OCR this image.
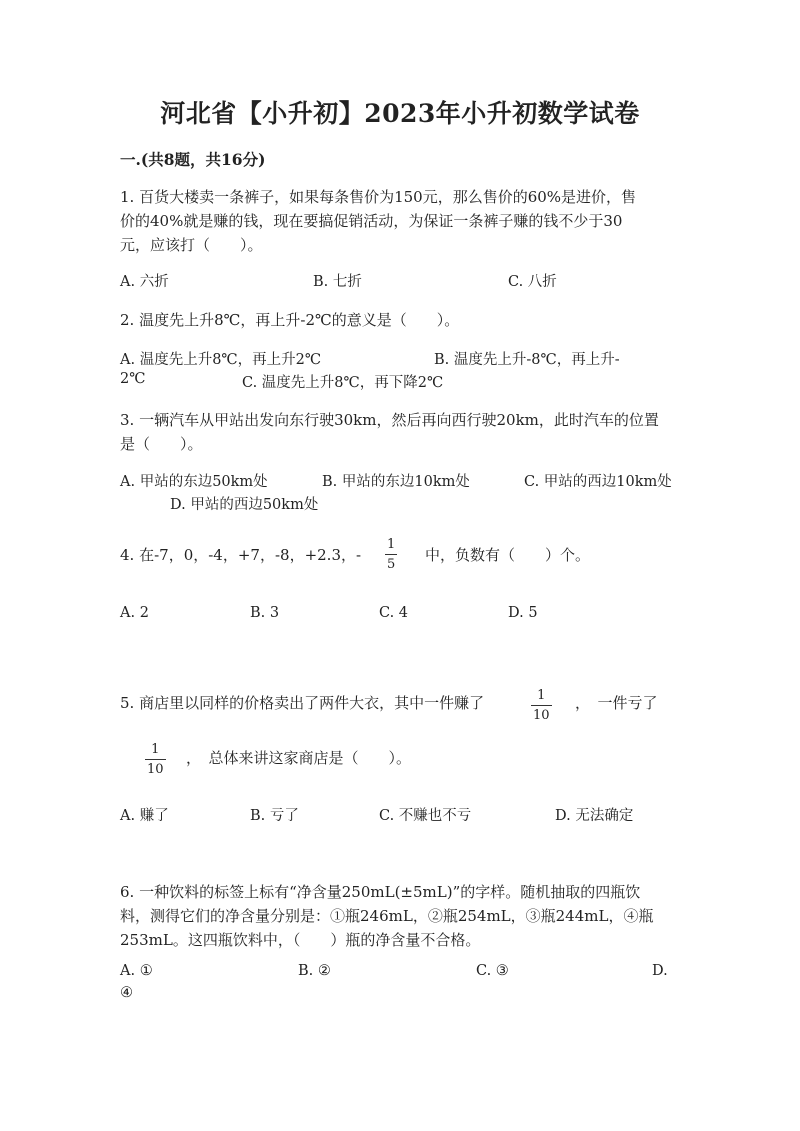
河北省【小升初】2023年小升初数学试卷
一.(共8题，共16分)
1. 百货大楼卖一条裤子，如果每条售价为150元，那么售价的60%是进价，售
价的40%就是赚的钱，现在要搞促销活动，为保证一条裤子赚的钱不少于30
元，应该打（　　）。
A. 六折	B. 七折	C. 八折
2. 温度先上升8℃，再上升-2℃的意义是（　　）。
A. 温度先上升8℃，再上升2℃	B. 温度先上升-8℃，再上升-
2℃	C. 温度先上升8℃，再下降2℃
3. 一辆汽车从甲站出发向东行驶30km，然后再向西行驶20km，此时汽车的位置
是（　　）。
A. 甲站的东边50km处	B. 甲站的东边10km处	C. 甲站的西边10km处
D. 甲站的西边50km处
4. 在-7，0，-4，+7，-8，+2.3，-
1
5
中，负数有（　　）个。
A. 2	B. 3	C. 4	D. 5
5. 商店里以同样的价格卖出了两件大衣，其中一件赚了	1
10
，　一件亏了
1
10
，　总体来讲这家商店是（　　）。
A. 赚了	B. 亏了	C. 不赚也不亏	D. 无法确定
6. 一种饮料的标签上标有“净含量250mL(±5mL)”的字样。随机抽取的四瓶饮
料，测得它们的净含量分别是：①瓶246mL，②瓶254mL，③瓶244mL，④瓶
253mL。这四瓶饮料中，（　　）瓶的净含量不合格。
A. ①	B. ②	C. ③	D.
④
